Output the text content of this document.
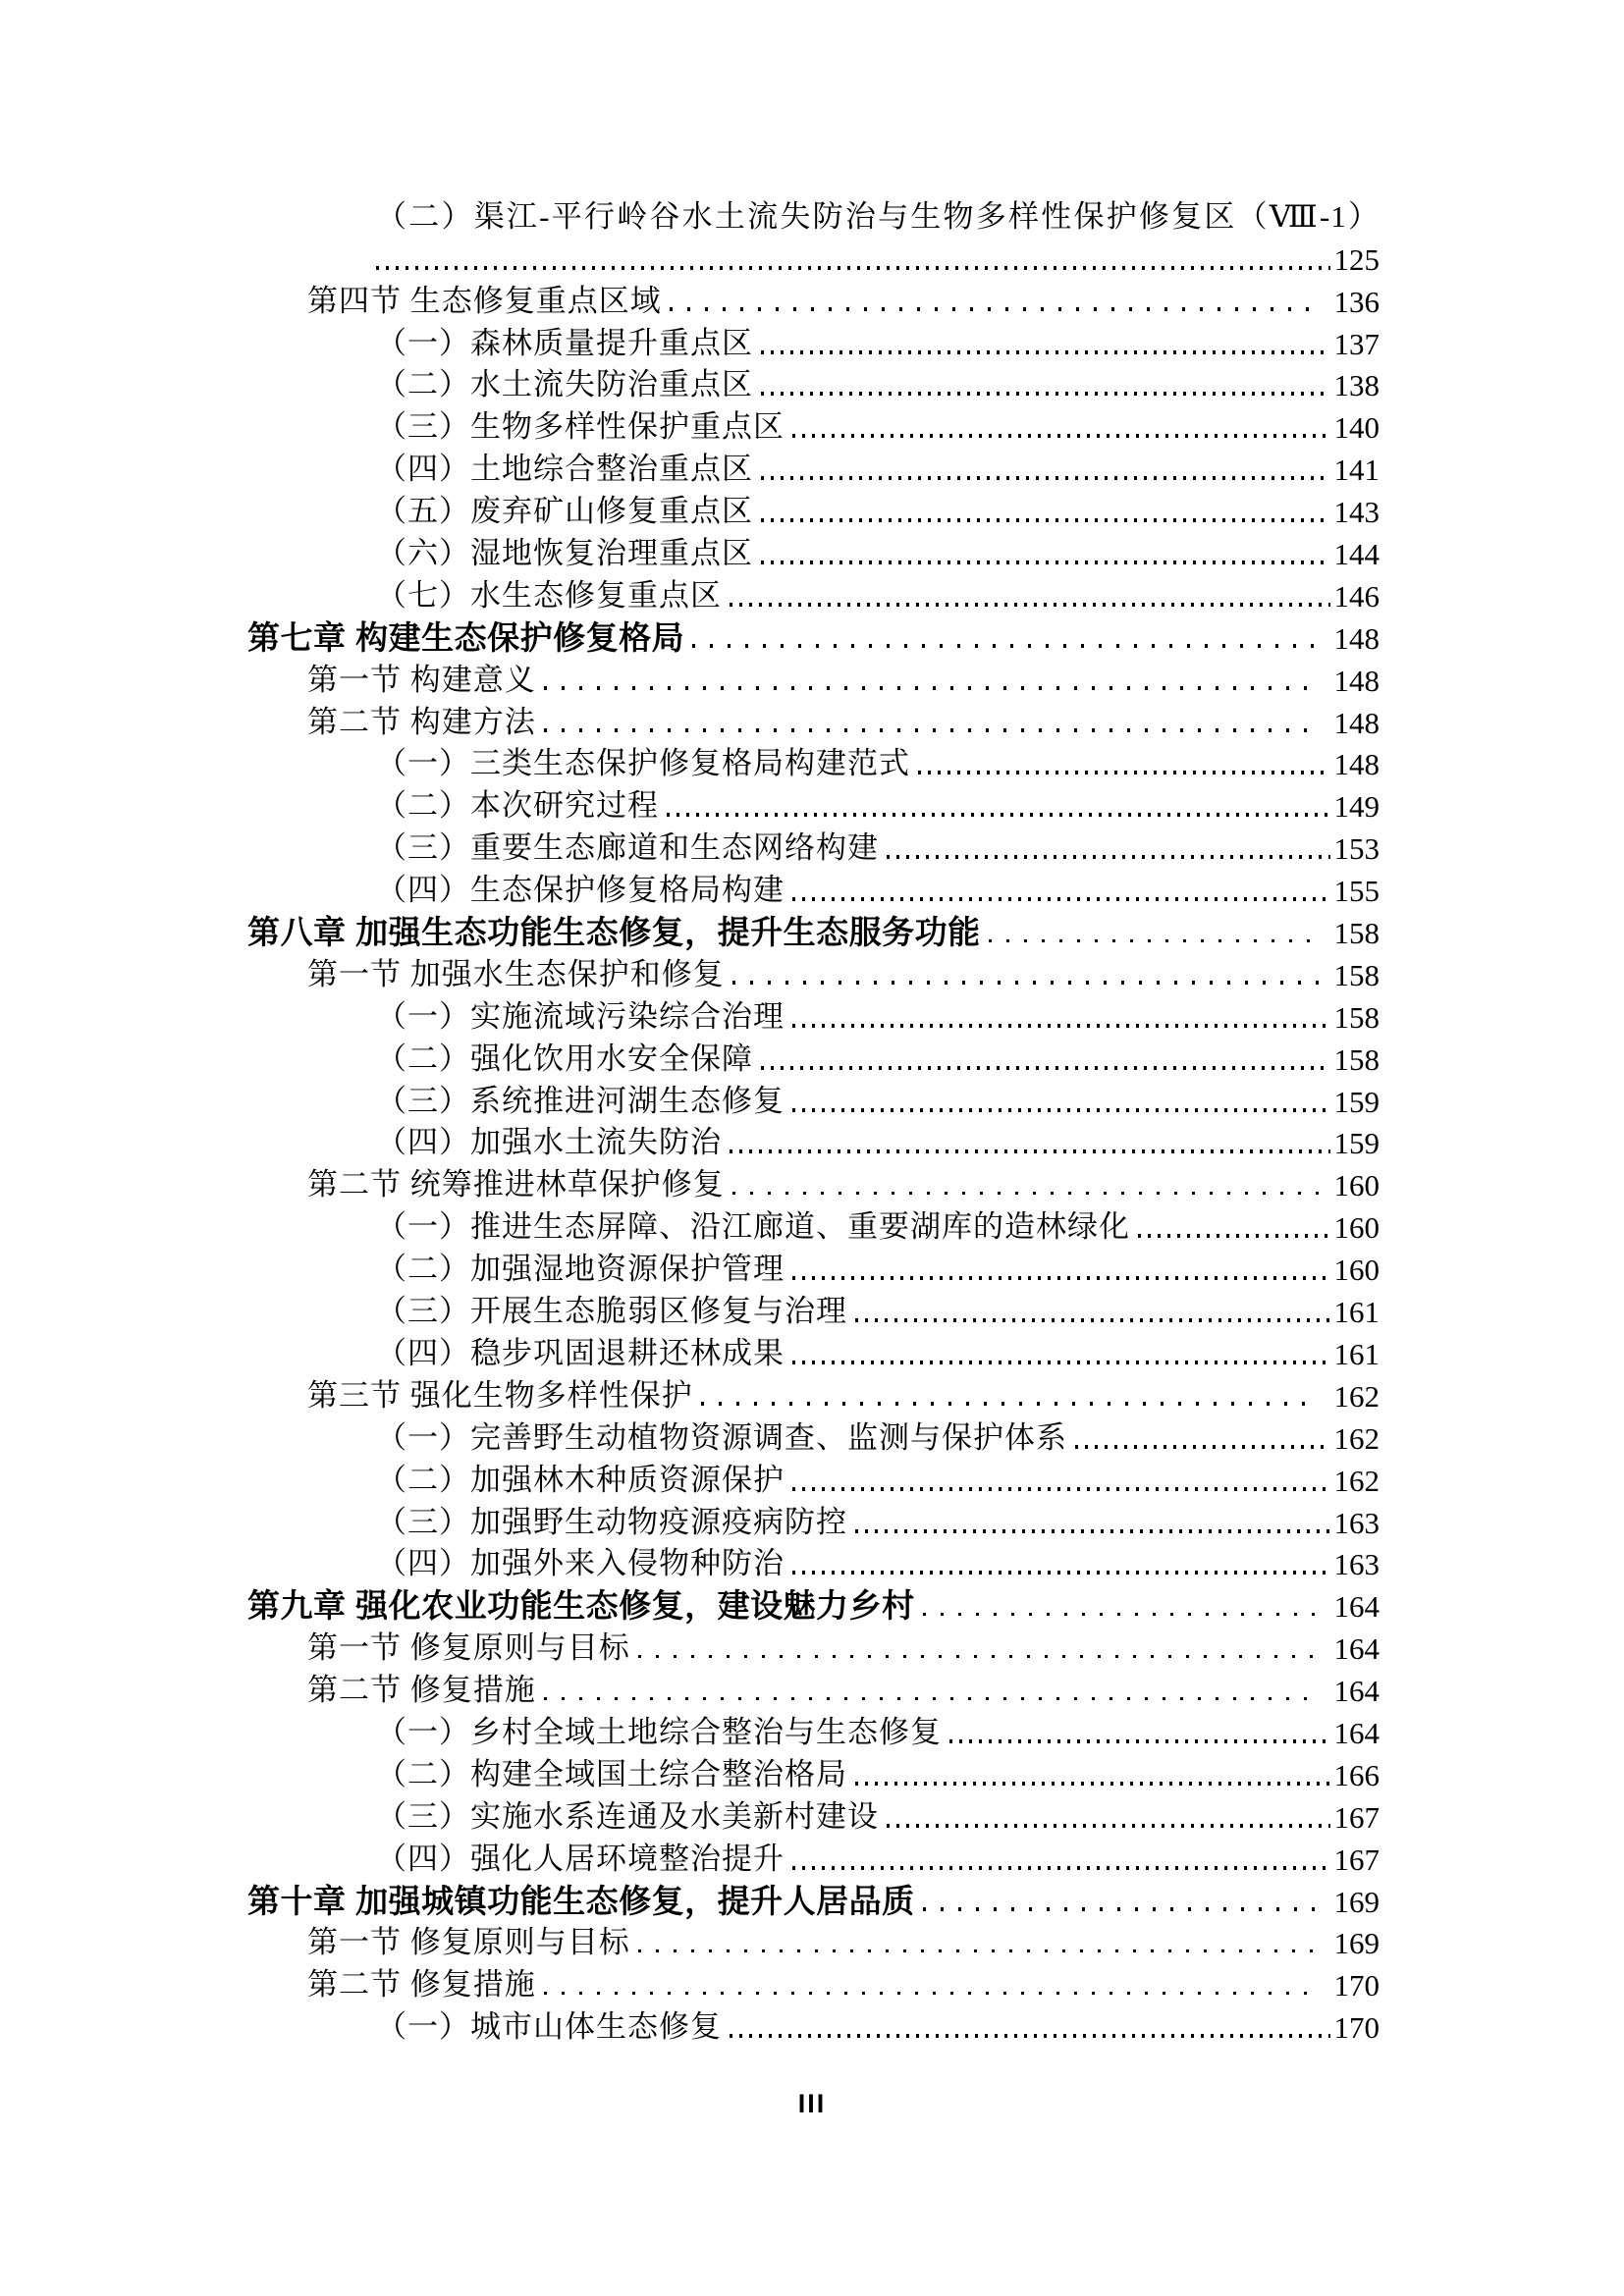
（二）渠江-平行岭谷水土流失防治与生物多样性保护修复区（Ⅷ-1）
125
第四节 生态修复重点区域	136
（一）森林质量提升重点区	137
（二）水土流失防治重点区	138
（三）生物多样性保护重点区	140
（四）土地综合整治重点区	141
（五）废弃矿山修复重点区	143
（六）湿地恢复治理重点区	144
（七）水生态修复重点区	146
第七章 构建生态保护修复格局	148
第一节 构建意义	148
第二节 构建方法	148
（一）三类生态保护修复格局构建范式	148
（二）本次研究过程	149
（三）重要生态廊道和生态网络构建	153
（四）生态保护修复格局构建	155
第八章 加强生态功能生态修复，提升生态服务功能	158
第一节 加强水生态保护和修复	158
（一）实施流域污染综合治理	158
（二）强化饮用水安全保障	158
（三）系统推进河湖生态修复	159
（四）加强水土流失防治	159
第二节 统筹推进林草保护修复	160
（一）推进生态屏障、沿江廊道、重要湖库的造林绿化	160
（二）加强湿地资源保护管理	160
（三）开展生态脆弱区修复与治理	161
（四）稳步巩固退耕还林成果	161
第三节 强化生物多样性保护	162
（一）完善野生动植物资源调查、监测与保护体系	162
（二）加强林木种质资源保护	162
（三）加强野生动物疫源疫病防控	163
（四）加强外来入侵物种防治	163
第九章 强化农业功能生态修复，建设魅力乡村	164
第一节 修复原则与目标	164
第二节 修复措施	164
（一）乡村全域土地综合整治与生态修复	164
（二）构建全域国土综合整治格局	166
（三）实施水系连通及水美新村建设	167
（四）强化人居环境整治提升	167
第十章 加强城镇功能生态修复，提升人居品质	169
第一节 修复原则与目标	169
第二节 修复措施	170
（一）城市山体生态修复	170
III
